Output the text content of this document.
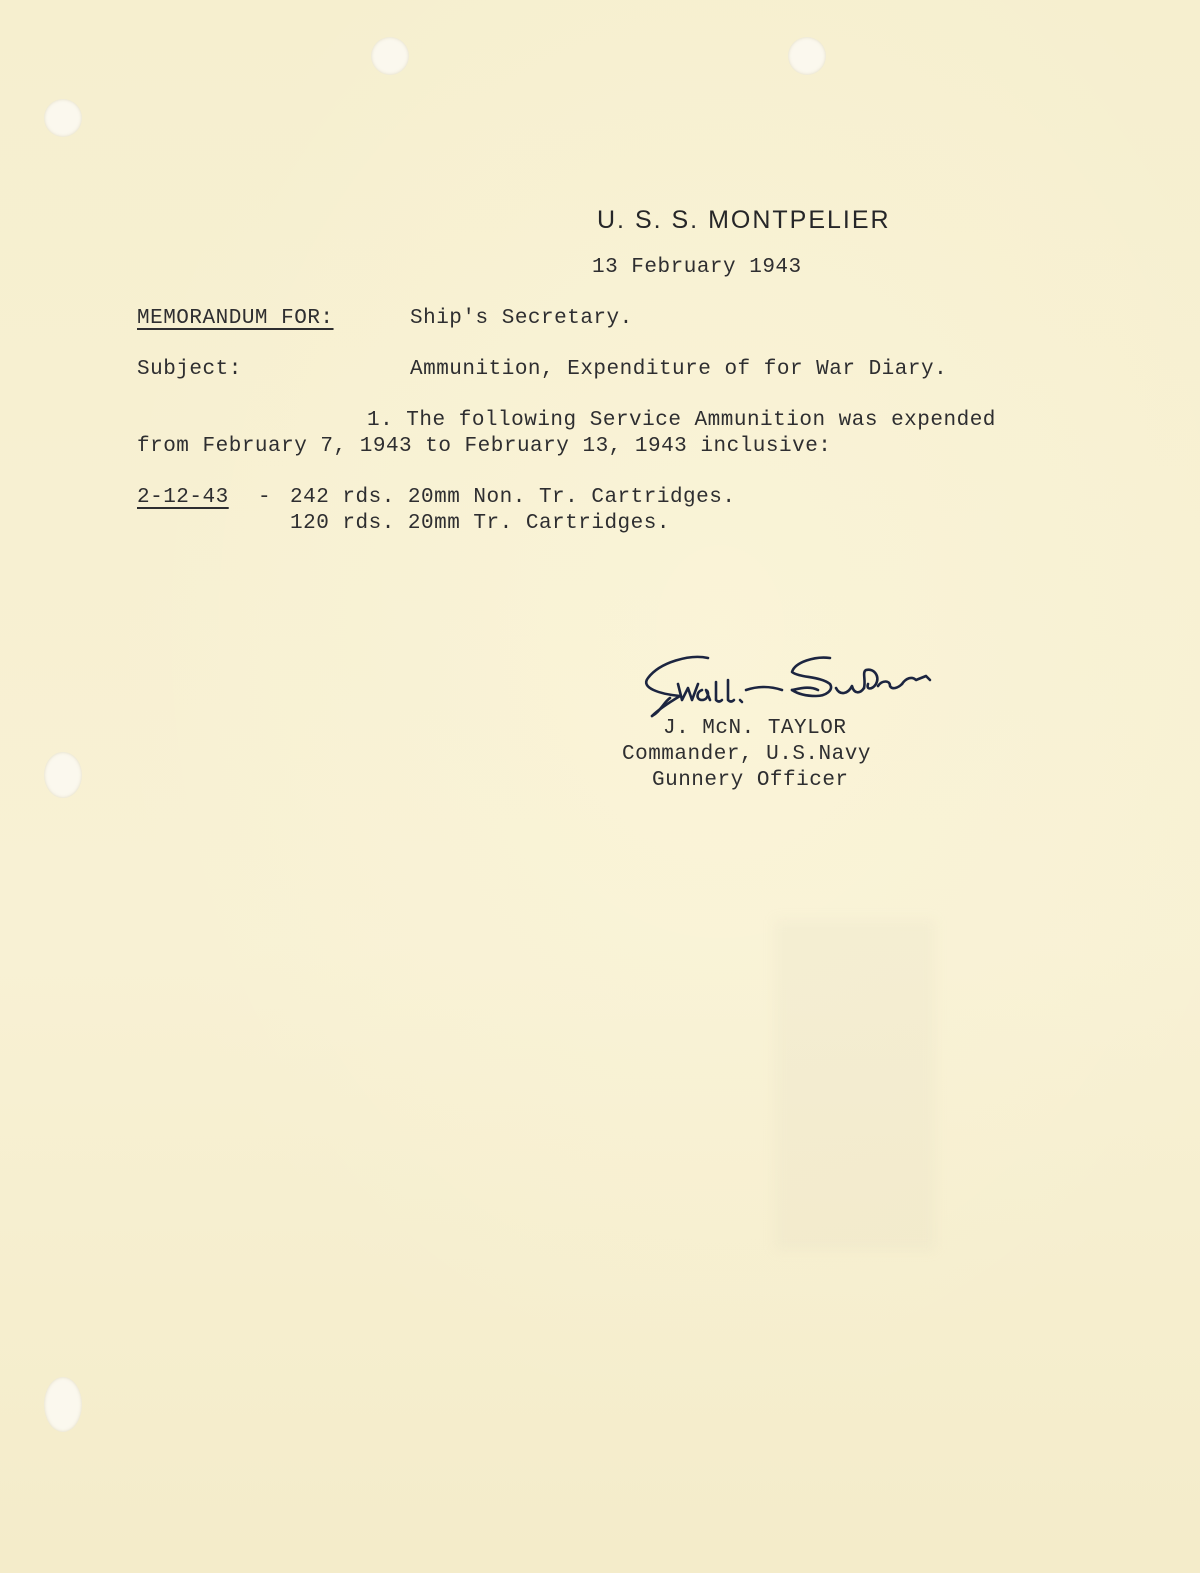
U. S. S. MONTPELIER
13 February 1943
MEMORANDUM FOR:	Ship's Secretary.
Subject:	Ammunition, Expenditure of for War Diary.
1. The following Service Ammunition was expended
from February 7, 1943 to February 13, 1943 inclusive:
2-12-43 - 242 rds. 20mm Non. Tr. Cartridges.
120 rds. 20mm Tr. Cartridges.
J. McN. TAYLOR
Commander, U.S.Navy
Gunnery Officer
